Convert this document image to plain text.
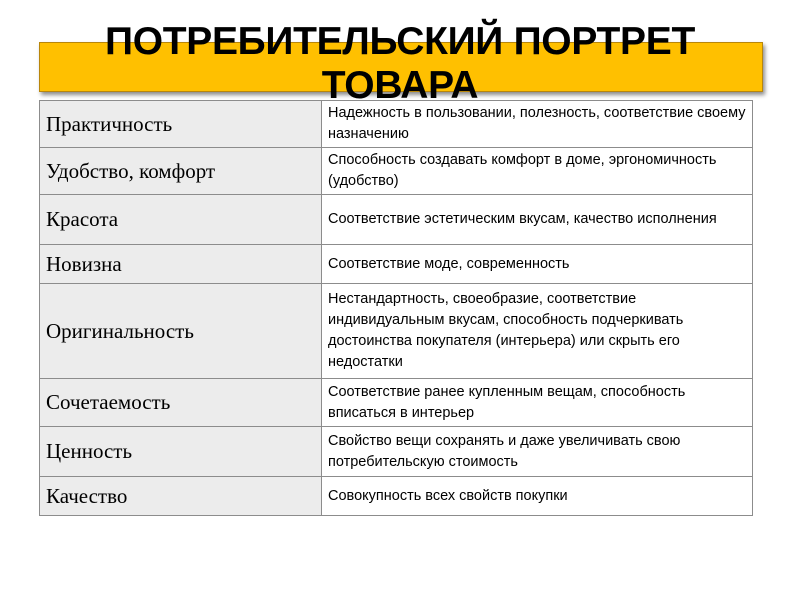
ПОТРЕБИТЕЛЬСКИЙ ПОРТРЕТ
ТОВАРА
Практичность	Надежность в пользовании, полезность, соответствие своему назначению
Удобство, комфорт	Способность создавать комфорт в доме, эргономичность (удобство)
Красота	Соответствие эстетическим вкусам, качество исполнения
Новизна	Соответствие моде, современность
Оригинальность	Нестандартность, своеобразие, соответствие индивидуальным вкусам, способность подчеркивать достоинства покупателя (интерьера) или скрыть его недостатки
Сочетаемость	Соответствие ранее купленным вещам, способность вписаться в интерьер
Ценность	Свойство вещи сохранять и даже увеличивать свою потребительскую стоимость
Качество	Совокупность всех свойств покупки
